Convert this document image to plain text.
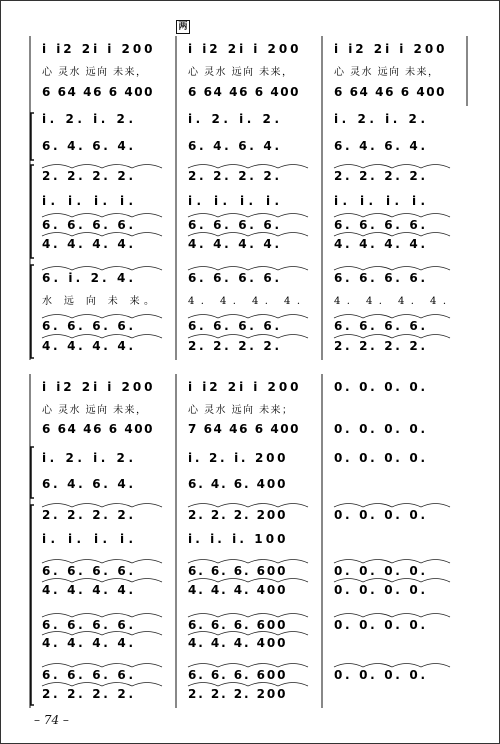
两
i i2 2i i 200	i i2 2i i 200	i i2 2i i 200
心 灵水 远向 未来，	心 灵水 远向 未来，	心 灵水 远向 未来，
6 64 46 6 400	6 64 46 6 400	6 64 46 6 400
i. 2. i. 2.	i. 2. i. 2.	i. 2. i. 2.
6. 4. 6. 4.	6. 4. 6. 4.	6. 4. 6. 4.
2. 2. 2. 2.	2. 2. 2. 2.	2. 2. 2. 2.
i. i. i. i.	i. i. i. i.	i. i. i. i.
6. 6. 6. 6.	6. 6. 6. 6.	6. 6. 6. 6.
4. 4. 4. 4.	4. 4. 4. 4.	4. 4. 4. 4.
6. i. 2. 4.	6. 6. 6. 6.	6. 6. 6. 6.
水 远 向 未 来。	4. 4. 4. 4.	4. 4. 4. 4.
6. 6. 6. 6.	6. 6. 6. 6.	6. 6. 6. 6.
4. 4. 4. 4.	2. 2. 2. 2.	2. 2. 2. 2.
i i2 2i i 200	i i2 2i i 200	0. 0. 0. 0.
心 灵水 远向 未来，	心 灵水 远向 未来；
6 64 46 6 400	7 64 46 6 400	0. 0. 0. 0.
i. 2. i. 2.	i. 2. i. 200	0. 0. 0. 0.
6. 4. 6. 4.	6. 4. 6. 400
2. 2. 2. 2.	2. 2. 2. 200	0. 0. 0. 0.
i. i. i. i.	i. i. i. 100
6. 6. 6. 6.	6. 6. 6. 600	0. 0. 0. 0.
4. 4. 4. 4.	4. 4. 4. 400	0. 0. 0. 0.
6. 6. 6. 6.	6. 6. 6. 600	0. 0. 0. 0.
4. 4. 4. 4.	4. 4. 4. 400
6. 6. 6. 6.	6. 6. 6. 600	0. 0. 0. 0.
2. 2. 2. 2.	2. 2. 2. 200
– 74 –
